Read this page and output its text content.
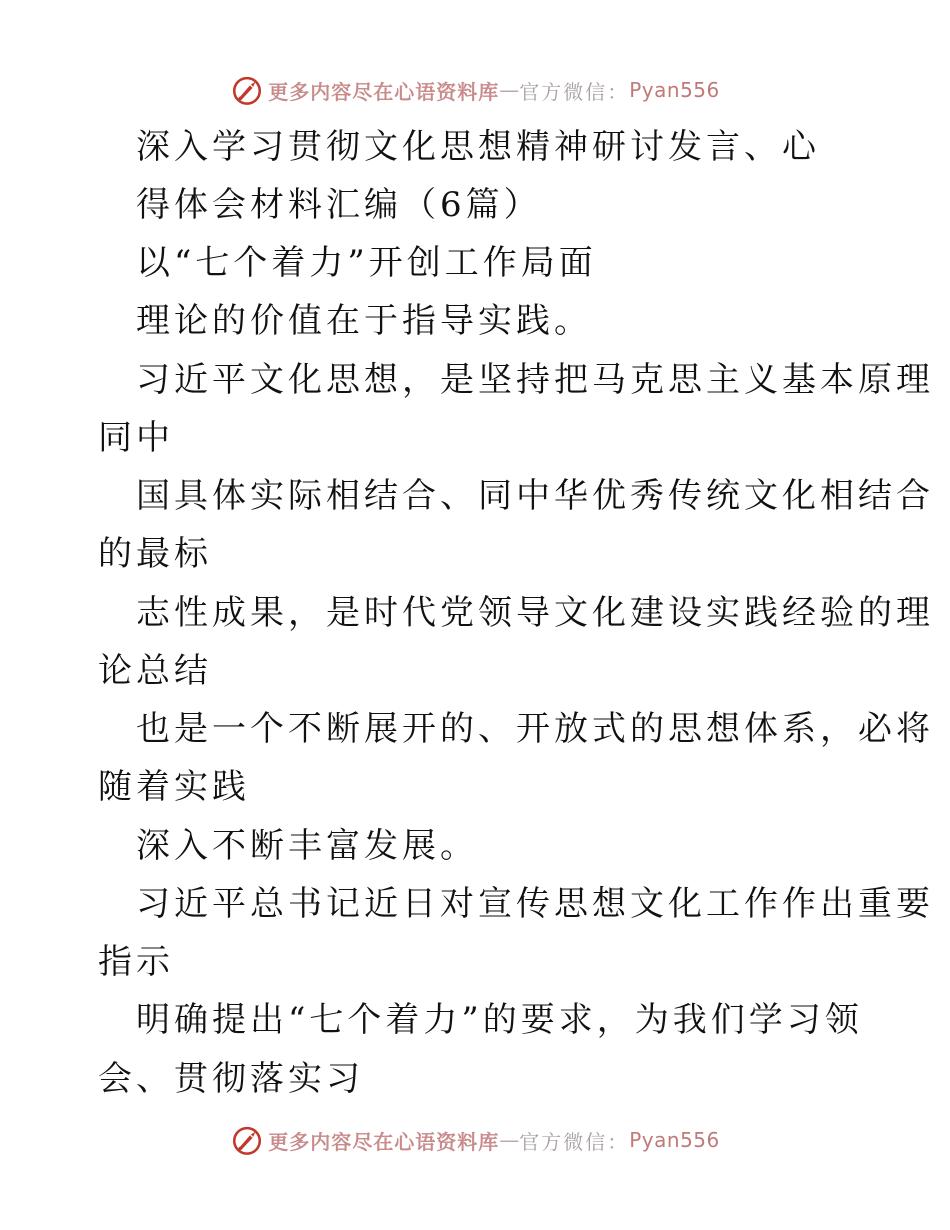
更多内容尽在心语资料库 — 官方微信： Pyan556
深入学习贯彻文化思想精神研讨发言、心
得体会材料汇编（6篇）
以“七个着力”开创工作局面
理论的价值在于指导实践。
习近平文化思想，是坚持把马克思主义基本原理
同中
国具体实际相结合、同中华优秀传统文化相结合
的最标
志性成果，是时代党领导文化建设实践经验的理
论总结
也是一个不断展开的、开放式的思想体系，必将
随着实践
深入不断丰富发展。
习近平总书记近日对宣传思想文化工作作出重要
指示
明确提出“七个着力”的要求，为我们学习领
会、贯彻落实习
更多内容尽在心语资料库 — 官方微信： Pyan556
